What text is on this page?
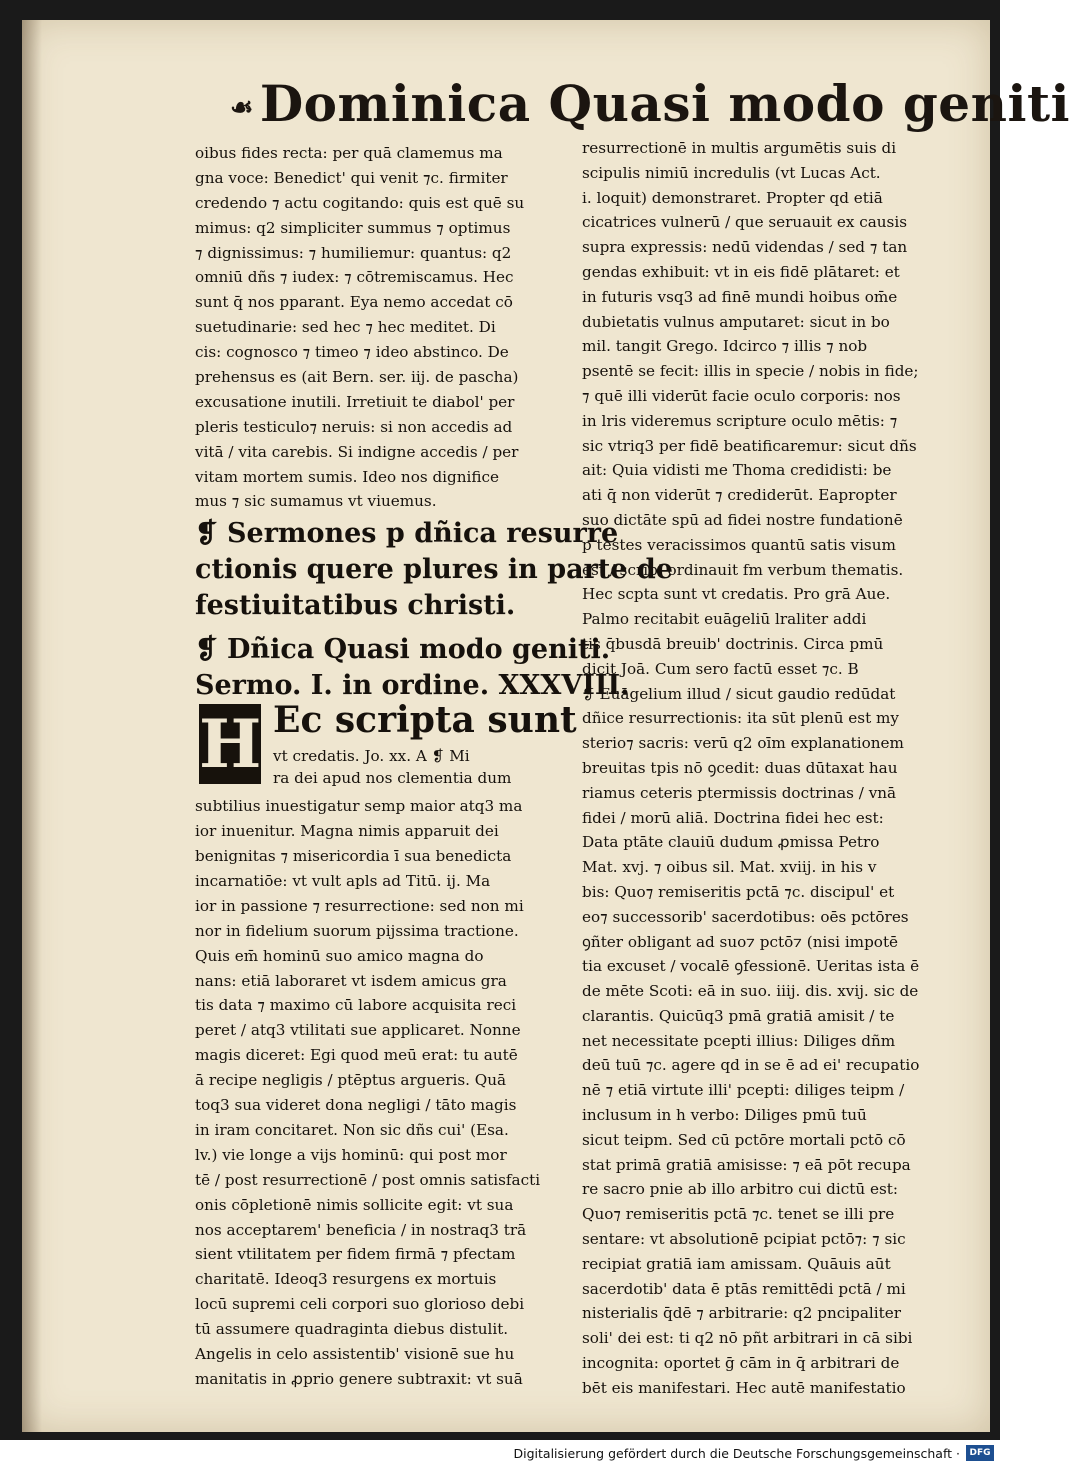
☙ Dominica Quasi modo geniti
oibus fides recta: per quā clamemus ma
gna voce: Benedict' qui venit ⁊c. firmiter
credendo ⁊ actu cogitando: quis est quē su
mimus: q2 simpliciter summus ⁊ optimus
⁊ dignissimus: ⁊ humiliemur: quantus: q2
omniū dñs ⁊ iudex: ⁊ cōtremiscamus. Hec
sunt q̄ nos pparant. Eya nemo accedat cō
suetudinarie: sed hec ⁊ hec meditet. Di
cis: cognosco ⁊ timeo ⁊ ideo abstinco. De
prehensus es (ait Bern. ser. iij. de pascha)
excusatione inutili. Irretiuit te diabol' per
pleris testiculo⁊ neruis: si non accedis ad
vitā / vita carebis. Si indigne accedis / per
vitam mortem sumis. Ideo nos dignifice
mus ⁊ sic sumamus vt viuemus.
❡ Sermones p dñica resurre
ctionis quere plures in parte de
festiuitatibus christi.
❡ Dñica Quasi modo geniti.
Sermo. I. in ordine. XXXVIII.
H Ec scripta sunt
vt credatis. Jo. xx. A ❡ Mi
ra dei apud nos clementia dum
subtilius inuestigatur semp maior atq3 ma
ior inuenitur. Magna nimis apparuit dei
benignitas ⁊ misericordia ī sua benedicta
incarnatiōe: vt vult apls ad Titū. ij. Ma
ior in passione ⁊ resurrectione: sed non mi
nor in fidelium suorum pijssima tractione.
Quis em̄ hominū suo amico magna do
nans: etiā laboraret vt isdem amicus gra
tis data ⁊ maximo cū labore acquisita reci
peret / atq3 vtilitati sue applicaret. Nonne
magis diceret: Egi quod meū erat: tu autē
ā recipe negligis / ptēptus argueris. Quā
toq3 sua videret dona negligi / tāto magis
in iram concitaret. Non sic dñs cui' (Esa.
lv.) vie longe a vijs hominū: qui post mor
tē / post resurrectionē / post omnis satisfacti
onis cōpletionē nimis sollicite egit: vt sua
nos acceptarem' beneficia / in nostraq3 trā
sient vtilitatem per fidem firmā ⁊ pfectam
charitatē. Ideoq3 resurgens ex mortuis
locū supremi celi corpori suo glorioso debi
tū assumere quadraginta diebus distulit.
Angelis in celo assistentib' visionē sue hu
manitatis in ꝓprio genere subtraxit: vt suā
resurrectionē in multis argumētis suis di
scipulis nimiū incredulis (vt Lucas Act.
i. loquit) demonstraret. Propter qd etiā
cicatrices vulnerū / que seruauit ex causis
supra expressis: nedū videndas / sed ⁊ tan
gendas exhibuit: vt in eis fidē plātaret: et
in futuris vsq3 ad finē mundi hoibus om̄e
dubietatis vulnus amputaret: sicut in bo
mil. tangit Grego. Idcirco ⁊ illis ⁊ nob
psentē se fecit: illis in specie / nobis in fide;
⁊ quē illi viderūt facie oculo corporis: nos
in lris videremus scripture oculo mētis: ⁊
sic vtriq3 per fidē beatificaremur: sicut dñs
ait: Quia vidisti me Thoma credidisti: be
ati q̄ non viderūt ⁊ crediderūt. Eapropter
suo dictāte spū ad fidei nostre fundationē
p testes veracissimos quantū satis visum
est / scribi ordinauit fm verbum thematis.
Hec scpta sunt vt credatis. Pro grā Aue.
Palmo recitabit euāgeliū lraliter addi
tis q̄busdā breuib' doctrinis. Circa pmū
dicit Joā. Cum sero factū esset ⁊c. B
❡ Euāgelium illud / sicut gaudio redūdat
dñice resurrectionis: ita sūt plenū est my
sterio⁊ sacris: verū q2 oīm explanationem
breuitas tpis nō ꝯcedit: duas dūtaxat hau
riamus ceteris ptermissis doctrinas / vnā
fidei / morū aliā. Doctrina fidei hec est:
Data ptāte clauiū dudum ꝓmissa Petro
Mat. xvj. ⁊ oibus sil. Mat. xviij. in his v
bis: Quo⁊ remiseritis pctā ⁊c. discipul' et
eo⁊ successorib' sacerdotibus: oēs pctōres
ꝯñter obligant ad suo⁊ pctō⁊ (nisi impotē
tia excuset / vocalē ꝯfessionē. Ueritas ista ē
de mēte Scoti: eā in suo. iiij. dis. xvij. sic de
clarantis. Quicūq3 pmā gratiā amisit / te
net necessitate pcepti illius: Diliges dñm
deū tuū ⁊c. agere qd in se ē ad ei' recupatio
nē ⁊ etiā virtute illi' pcepti: diliges teipm /
inclusum in h verbo: Diliges pmū tuū
sicut teipm. Sed cū pctōre mortali pctō cō
stat primā gratiā amisisse: ⁊ eā pōt recupa
re sacro pnie ab illo arbitro cui dictū est:
Quo⁊ remiseritis pctā ⁊c. tenet se illi pre
sentare: vt absolutionē pcipiat pctō⁊: ⁊ sic
recipiat gratiā iam amissam. Quāuis aūt
sacerdotib' data ē ptās remittēdi pctā / mi
nisterialis q̄dē ⁊ arbitrarie: q2 pncipaliter
soli' dei est: ti q2 nō pñt arbitrari in cā sibi
incognita: oportet ḡ cām in q̄ arbitrari de
bēt eis manifestari. Hec autē manifestatio
Digitalisierung gefördert durch die Deutsche Forschungsgemeinschaft ·	DFG
